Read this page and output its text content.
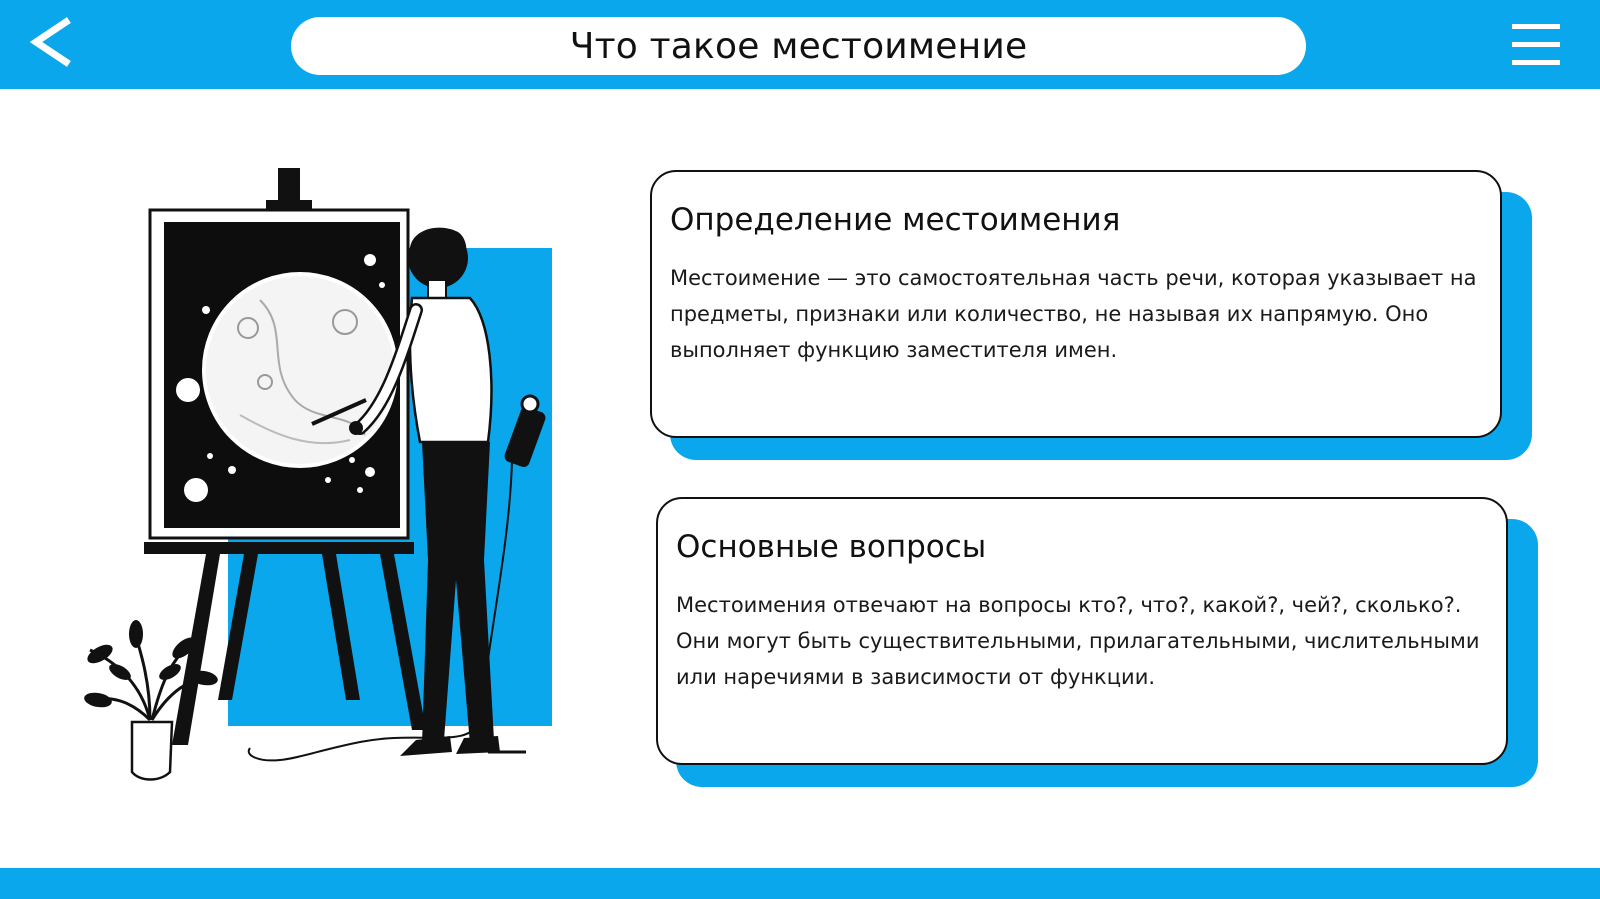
Что такое местоимение
Определение местоимения

Местоимение — это самостоятельная часть речи, которая указывает на предметы, признаки или количество, не называя их напрямую. Оно выполняет функцию заместителя имен.

Основные вопросы

Местоимения отвечают на вопросы кто?, что?, какой?, чей?, сколько?. Они могут быть существительными, прилагательными, числительными или наречиями в зависимости от функции.
